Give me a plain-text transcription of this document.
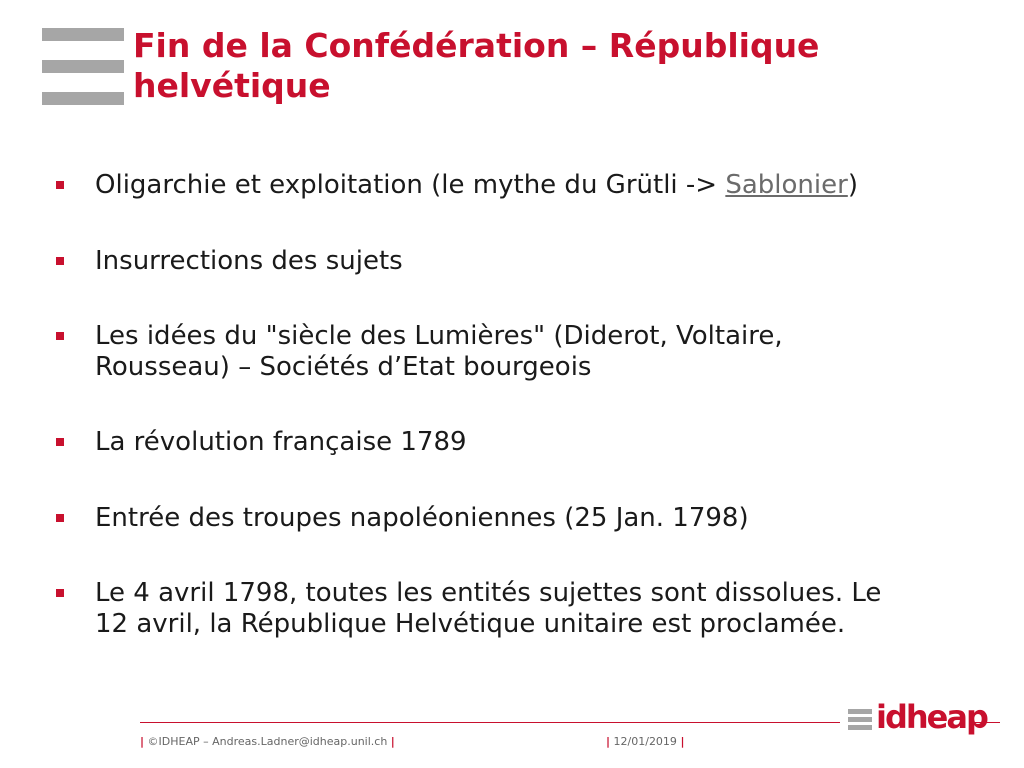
Fin de la Confédération – République
helvétique
Oligarchie et exploitation (le mythe du Grütli -> Sablonier)
Insurrections des sujets
Les idées du "siècle des Lumières" (Diderot, Voltaire,
Rousseau) – Sociétés d’Etat bourgeois
La révolution française 1789
Entrée des troupes napoléoniennes (25 Jan. 1798)
Le 4 avril 1798, toutes les entités sujettes sont dissolues. Le
12 avril, la République Helvétique unitaire est proclamée.
| ©IDHEAP – Andreas.Ladner@idheap.unil.ch |	| 12/01/2019 |
idheap
